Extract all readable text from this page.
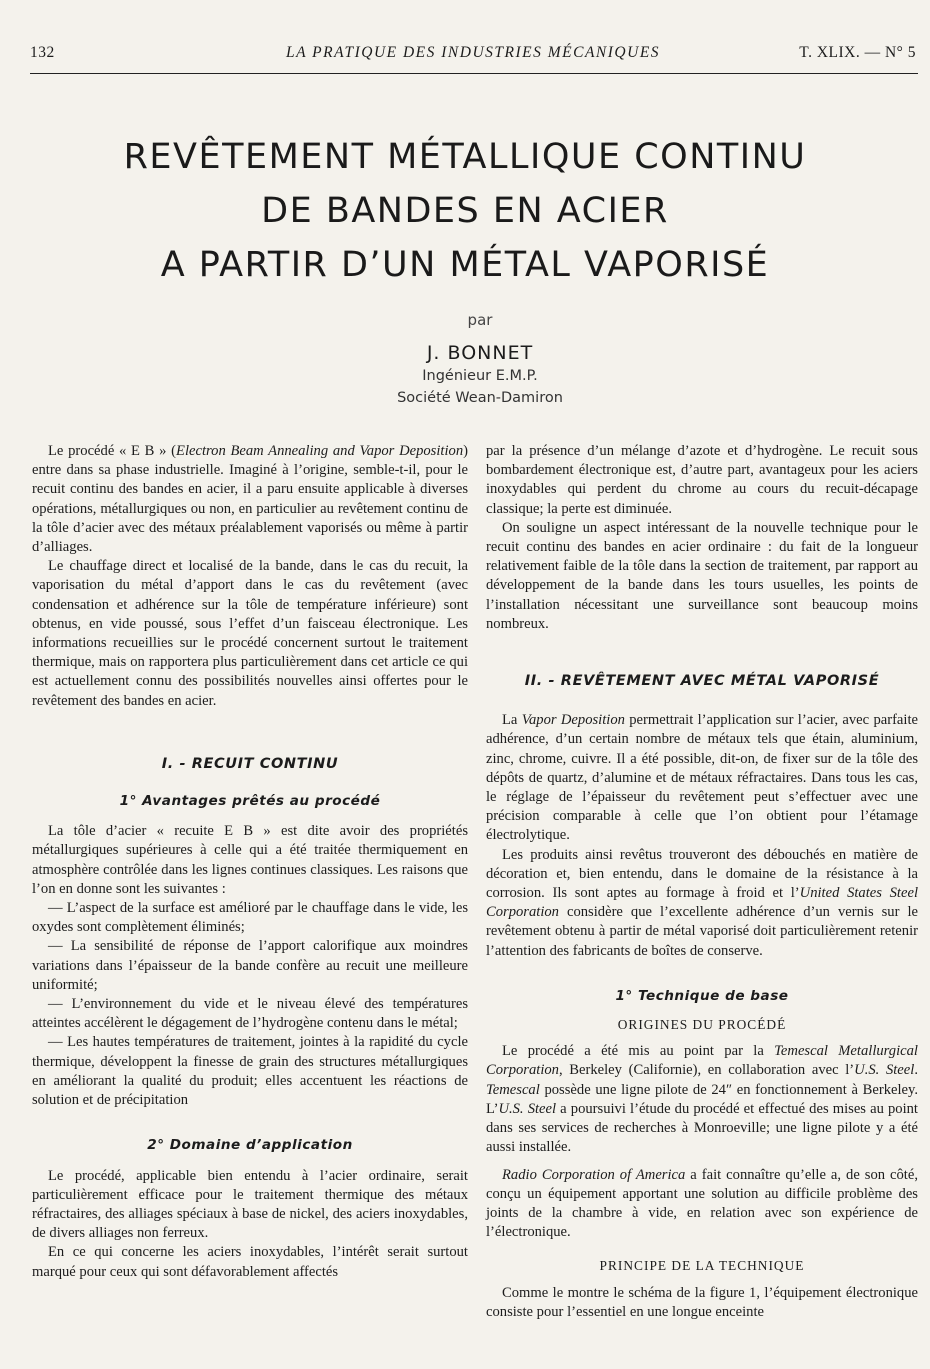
132	LA PRATIQUE DES INDUSTRIES MÉCANIQUES	T. XLIX. — N° 5
REVÊTEMENT MÉTALLIQUE CONTINU
DE BANDES EN ACIER
A PARTIR D’UN MÉTAL VAPORISÉ
par
J. BONNET
Ingénieur E.M.P.
Société Wean-Damiron

Le procédé « E B » (Electron Beam Annealing and Vapor Deposition) entre dans sa phase industrielle. Imaginé à l’origine, semble-t-il, pour le recuit continu des bandes en acier, il a paru ensuite applicable à diverses opérations, métallurgiques ou non, en particulier au revêtement continu de la tôle d’acier avec des métaux préalablement vaporisés ou même à partir d’alliages.

Le chauffage direct et localisé de la bande, dans le cas du recuit, la vaporisation du métal d’apport dans le cas du revêtement (avec condensation et adhérence sur la tôle de température inférieure) sont obtenus, en vide poussé, sous l’effet d’un faisceau électronique. Les informations recueillies sur le procédé concernent surtout le traitement thermique, mais on rapportera plus particulièrement dans cet article ce qui est actuellement connu des possibilités nouvelles ainsi offertes pour le revêtement des bandes en acier.

I. - RECUIT CONTINU
1° Avantages prêtés au procédé

La tôle d’acier « recuite E B » est dite avoir des propriétés métallurgiques supérieures à celle qui a été traitée thermiquement en atmosphère contrôlée dans les lignes continues classiques. Les raisons que l’on en donne sont les suivantes :

— L’aspect de la surface est amélioré par le chauffage dans le vide, les oxydes sont complètement éliminés;

— La sensibilité de réponse de l’apport calorifique aux moindres variations dans l’épaisseur de la bande confère au recuit une meilleure uniformité;

— L’environnement du vide et le niveau élevé des températures atteintes accélèrent le dégagement de l’hydrogène contenu dans le métal;

— Les hautes températures de traitement, jointes à la rapidité du cycle thermique, développent la finesse de grain des structures métallurgiques en améliorant la qualité du produit; elles accentuent les réactions de solution et de précipitation

2° Domaine d’application

Le procédé, applicable bien entendu à l’acier ordinaire, serait particulièrement efficace pour le traitement thermique des métaux réfractaires, des alliages spéciaux à base de nickel, des aciers inoxydables, de divers alliages non ferreux.

En ce qui concerne les aciers inoxydables, l’intérêt serait surtout marqué pour ceux qui sont défavorablement affectés

par la présence d’un mélange d’azote et d’hydrogène. Le recuit sous bombardement électronique est, d’autre part, avantageux pour les aciers inoxydables qui perdent du chrome au cours du recuit-décapage classique; la perte est diminuée.

On souligne un aspect intéressant de la nouvelle technique pour le recuit continu des bandes en acier ordinaire : du fait de la longueur relativement faible de la tôle dans la section de traitement, par rapport au développement de la bande dans les tours usuelles, les points de l’installation nécessitant une surveillance sont beaucoup moins nombreux.

II. - REVÊTEMENT AVEC MÉTAL VAPORISÉ

La Vapor Deposition permettrait l’application sur l’acier, avec parfaite adhérence, d’un certain nombre de métaux tels que étain, aluminium, zinc, chrome, cuivre. Il a été possible, dit-on, de fixer sur de la tôle des dépôts de quartz, d’alumine et de métaux réfractaires. Dans tous les cas, le réglage de l’épaisseur du revêtement peut s’effectuer avec une précision comparable à celle que l’on obtient pour l’étamage électrolytique.

Les produits ainsi revêtus trouveront des débouchés en matière de décoration et, bien entendu, dans le domaine de la résistance à la corrosion. Ils sont aptes au formage à froid et l’United States Steel Corporation considère que l’excellente adhérence d’un vernis sur le revêtement obtenu à partir de métal vaporisé doit particulièrement retenir l’attention des fabricants de boîtes de conserve.

1° Technique de base
ORIGINES DU PROCÉDÉ

Le procédé a été mis au point par la Temescal Metallurgical Corporation, Berkeley (Californie), en collaboration avec l’U.S. Steel. Temescal possède une ligne pilote de 24″ en fonctionnement à Berkeley. L’U.S. Steel a poursuivi l’étude du procédé et effectué des mises au point dans ses services de recherches à Monroeville; une ligne pilote y a été aussi installée.

Radio Corporation of America a fait connaître qu’elle a, de son côté, conçu un équipement apportant une solution au difficile problème des joints de la chambre à vide, en relation avec son expérience de l’électronique.

PRINCIPE DE LA TECHNIQUE

Comme le montre le schéma de la figure 1, l’équipement électronique consiste pour l’essentiel en une longue enceinte
